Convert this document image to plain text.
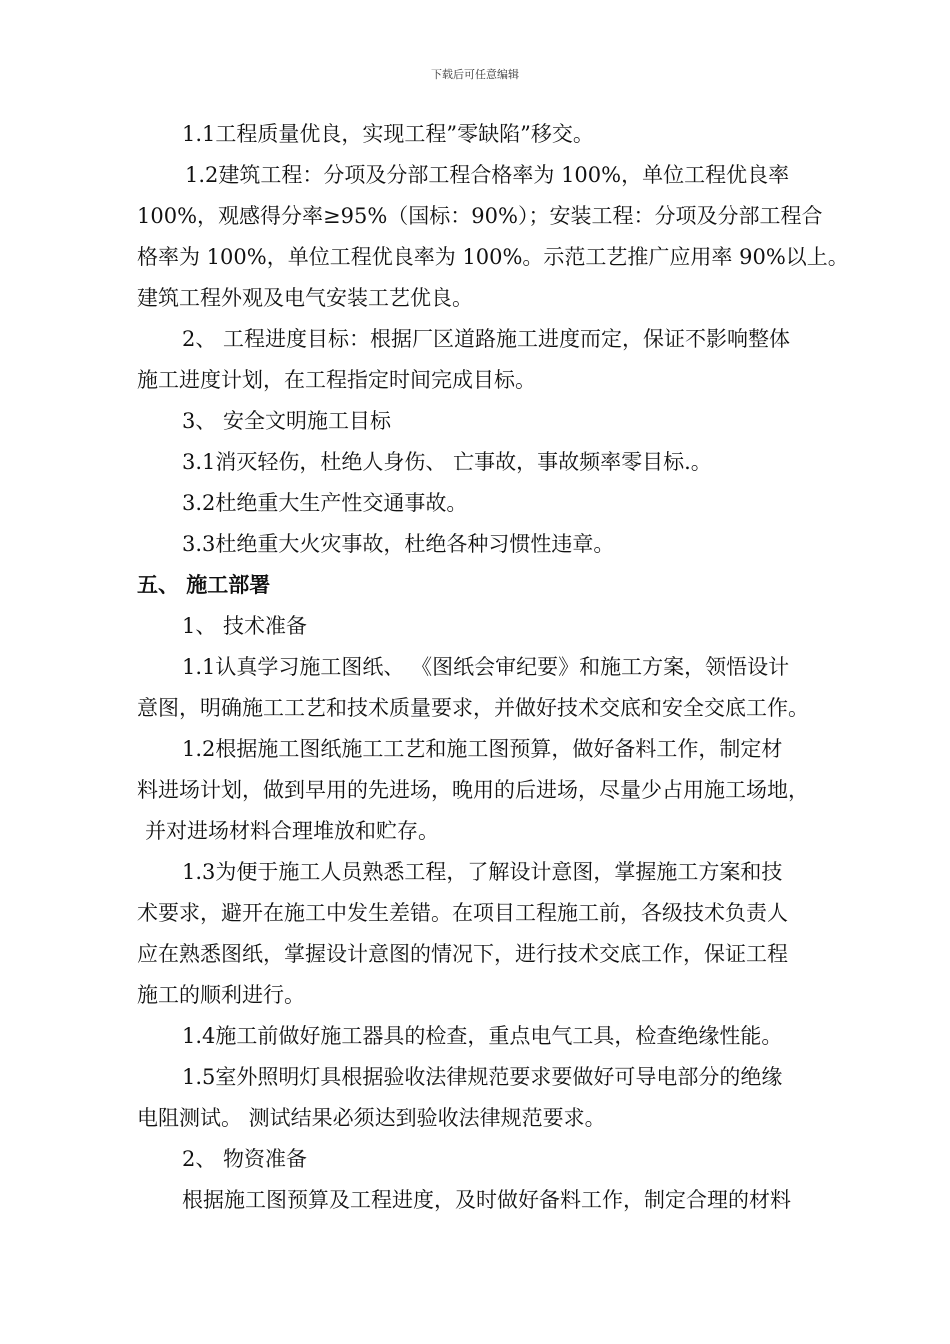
下载后可任意编辑

1.1工程质量优良，实现工程”零缺陷”移交。

1.2建筑工程：分项及分部工程合格率为 100%，单位工程优良率

100%，观感得分率≥95%（国标：90%）；安装工程：分项及分部工程合

格率为 100%，单位工程优良率为 100%。示范工艺推广应用率 90%以上。

建筑工程外观及电气安装工艺优良。

2、 工程进度目标：根据厂区道路施工进度而定，保证不影响整体

施工进度计划，在工程指定时间完成目标。

3、 安全文明施工目标

3.1消灭轻伤，杜绝人身伤、 亡事故，事故频率零目标.。

3.2杜绝重大生产性交通事故。

3.3杜绝重大火灾事故，杜绝各种习惯性违章。

五、 施工部署

1、 技术准备

1.1认真学习施工图纸、 《图纸会审纪要》和施工方案，领悟设计

意图，明确施工工艺和技术质量要求，并做好技术交底和安全交底工作。

1.2根据施工图纸施工工艺和施工图预算，做好备料工作，制定材

料进场计划，做到早用的先进场，晚用的后进场，尽量少占用施工场地，

并对进场材料合理堆放和贮存。

1.3为便于施工人员熟悉工程，了解设计意图，掌握施工方案和技

术要求，避开在施工中发生差错。在项目工程施工前，各级技术负责人

应在熟悉图纸，掌握设计意图的情况下，进行技术交底工作，保证工程

施工的顺利进行。

1.4施工前做好施工器具的检查，重点电气工具，检查绝缘性能。

1.5室外照明灯具根据验收法律规范要求要做好可导电部分的绝缘

电阻测试。 测试结果必须达到验收法律规范要求。

2、 物资准备

根据施工图预算及工程进度，及时做好备料工作，制定合理的材料
